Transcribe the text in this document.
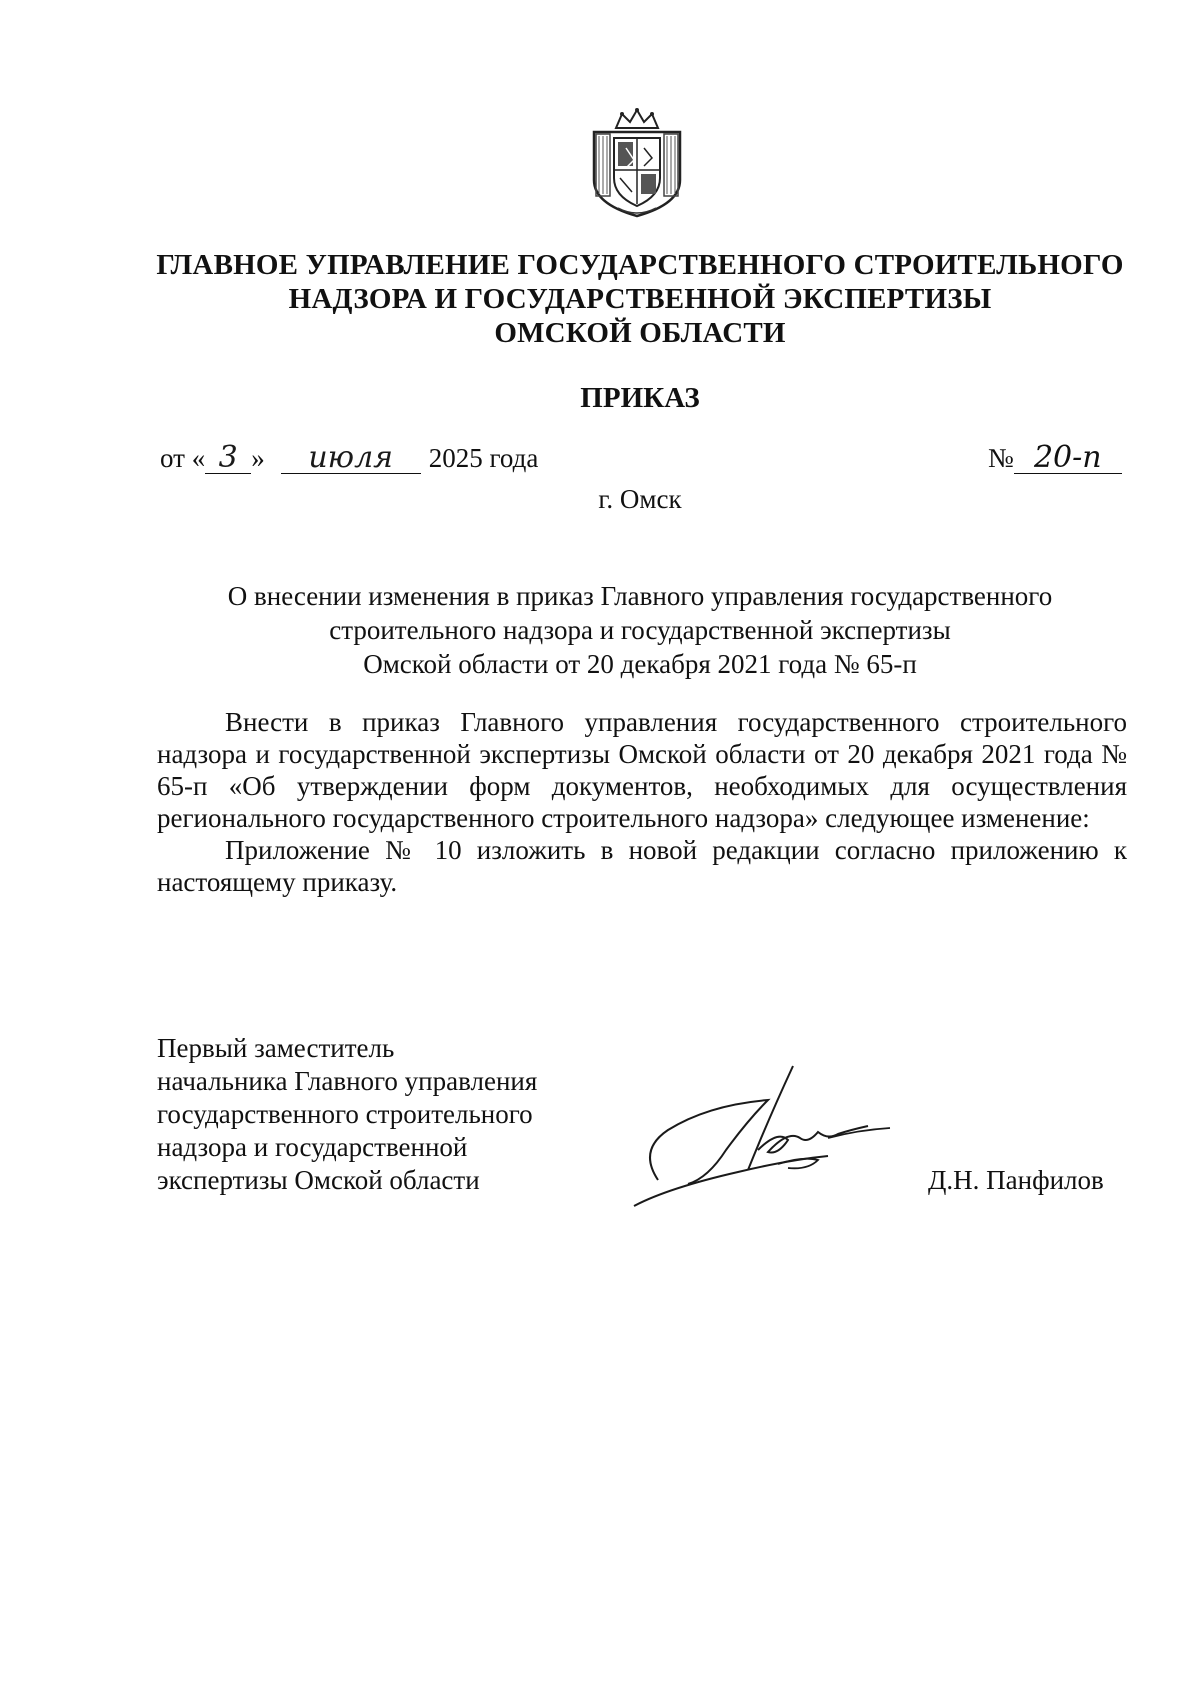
ГЛАВНОЕ УПРАВЛЕНИЕ ГОСУДАРСТВЕННОГО СТРОИТЕЛЬНОГО
НАДЗОРА И ГОСУДАРСТВЕННОЙ ЭКСПЕРТИЗЫ
ОМСКОЙ ОБЛАСТИ
ПРИКАЗ
от « 3 » июля 2025 года	№ 20-п
г. Омск
О внесении изменения в приказ Главного управления государственного
строительного надзора и государственной экспертизы
Омской области от 20 декабря 2021 года № 65-п

Внести в приказ Главного управления государственного строительного надзора и государственной экспертизы Омской области от 20 декабря 2021 года № 65-п «Об утверждении форм документов, необходимых для осуществления регионального государственного строительного надзора» следующее изменение:

Приложение № 10 изложить в новой редакции согласно приложению к настоящему приказу.

Первый заместитель
начальника Главного управления
государственного строительного
надзора и государственной
экспертизы Омской области	Д.Н. Панфилов
